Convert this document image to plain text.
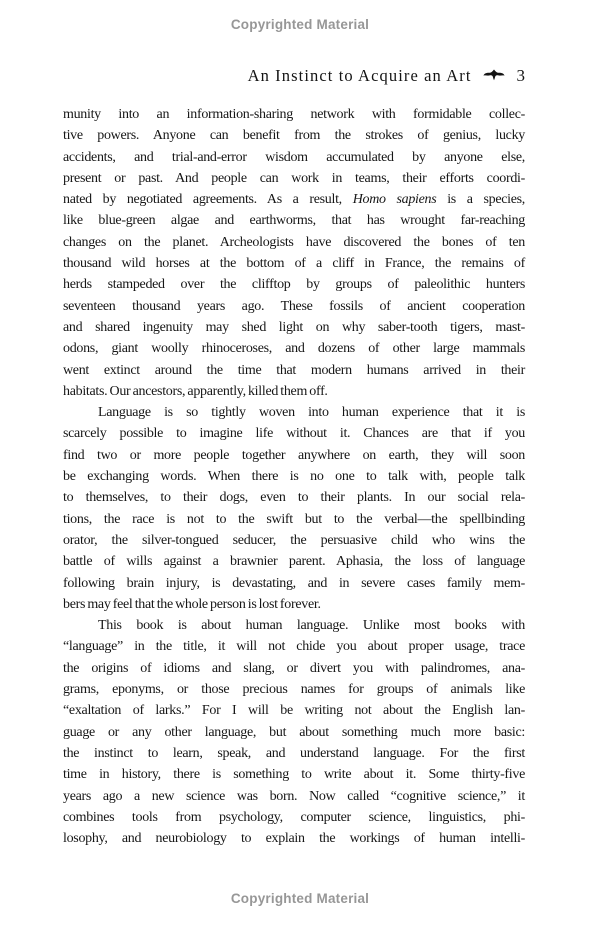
Copyrighted Material
An Instinct to Acquire an Art	3
munity into an information-sharing network with formidable collec-
tive powers. Anyone can benefit from the strokes of genius, lucky
accidents, and trial-and-error wisdom accumulated by anyone else,
present or past. And people can work in teams, their efforts coordi-
nated by negotiated agreements. As a result, Homo sapiens is a species,
like blue-green algae and earthworms, that has wrought far-reaching
changes on the planet. Archeologists have discovered the bones of ten
thousand wild horses at the bottom of a cliff in France, the remains of
herds stampeded over the clifftop by groups of paleolithic hunters
seventeen thousand years ago. These fossils of ancient cooperation
and shared ingenuity may shed light on why saber-tooth tigers, mast-
odons, giant woolly rhinoceroses, and dozens of other large mammals
went extinct around the time that modern humans arrived in their
habitats. Our ancestors, apparently, killed them off.
Language is so tightly woven into human experience that it is
scarcely possible to imagine life without it. Chances are that if you
find two or more people together anywhere on earth, they will soon
be exchanging words. When there is no one to talk with, people talk
to themselves, to their dogs, even to their plants. In our social rela-
tions, the race is not to the swift but to the verbal—the spellbinding
orator, the silver-tongued seducer, the persuasive child who wins the
battle of wills against a brawnier parent. Aphasia, the loss of language
following brain injury, is devastating, and in severe cases family mem-
bers may feel that the whole person is lost forever.
This book is about human language. Unlike most books with
“language” in the title, it will not chide you about proper usage, trace
the origins of idioms and slang, or divert you with palindromes, ana-
grams, eponyms, or those precious names for groups of animals like
“exaltation of larks.” For I will be writing not about the English lan-
guage or any other language, but about something much more basic:
the instinct to learn, speak, and understand language. For the first
time in history, there is something to write about it. Some thirty-five
years ago a new science was born. Now called “cognitive science,” it
combines tools from psychology, computer science, linguistics, phi-
losophy, and neurobiology to explain the workings of human intelli-
Copyrighted Material
